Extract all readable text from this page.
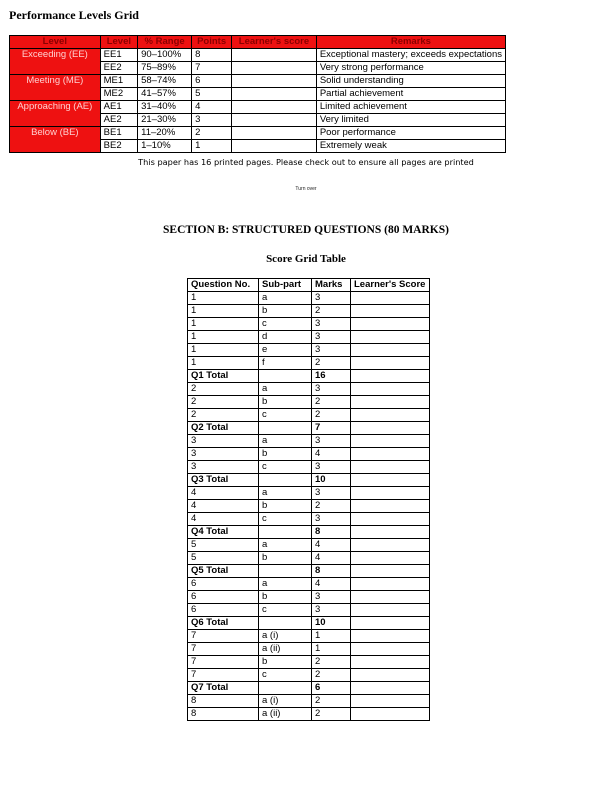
Performance Levels Grid
Level	Level	% Range	Points	Learner's score	Remarks
Exceeding (EE)	EE1	90–100%	8		Exceptional mastery; exceeds expectations
	EE2	75–89%	7		Very strong performance
Meeting (ME)	ME1	58–74%	6		Solid understanding
	ME2	41–57%	5		Partial achievement
Approaching (AE)	AE1	31–40%	4		Limited achievement
	AE2	21–30%	3		Very limited
Below (BE)	BE1	11–20%	2		Poor performance
	BE2	1–10%	1		Extremely weak
This paper has 16 printed pages. Please check out to ensure all pages are printed
Turn over
SECTION B: STRUCTURED QUESTIONS (80 MARKS)
Score Grid Table
Question No.	Sub-part	Marks	Learner's Score
1	a	3	
1	b	2	
1	c	3	
1	d	3	
1	e	3	
1	f	2	
Q1 Total		16	
2	a	3	
2	b	2	
2	c	2	
Q2 Total		7	
3	a	3	
3	b	4	
3	c	3	
Q3 Total		10	
4	a	3	
4	b	2	
4	c	3	
Q4 Total		8	
5	a	4	
5	b	4	
Q5 Total		8	
6	a	4	
6	b	3	
6	c	3	
Q6 Total		10	
7	a (i)	1	
7	a (ii)	1	
7	b	2	
7	c	2	
Q7 Total		6	
8	a (i)	2	
8	a (ii)	2	
